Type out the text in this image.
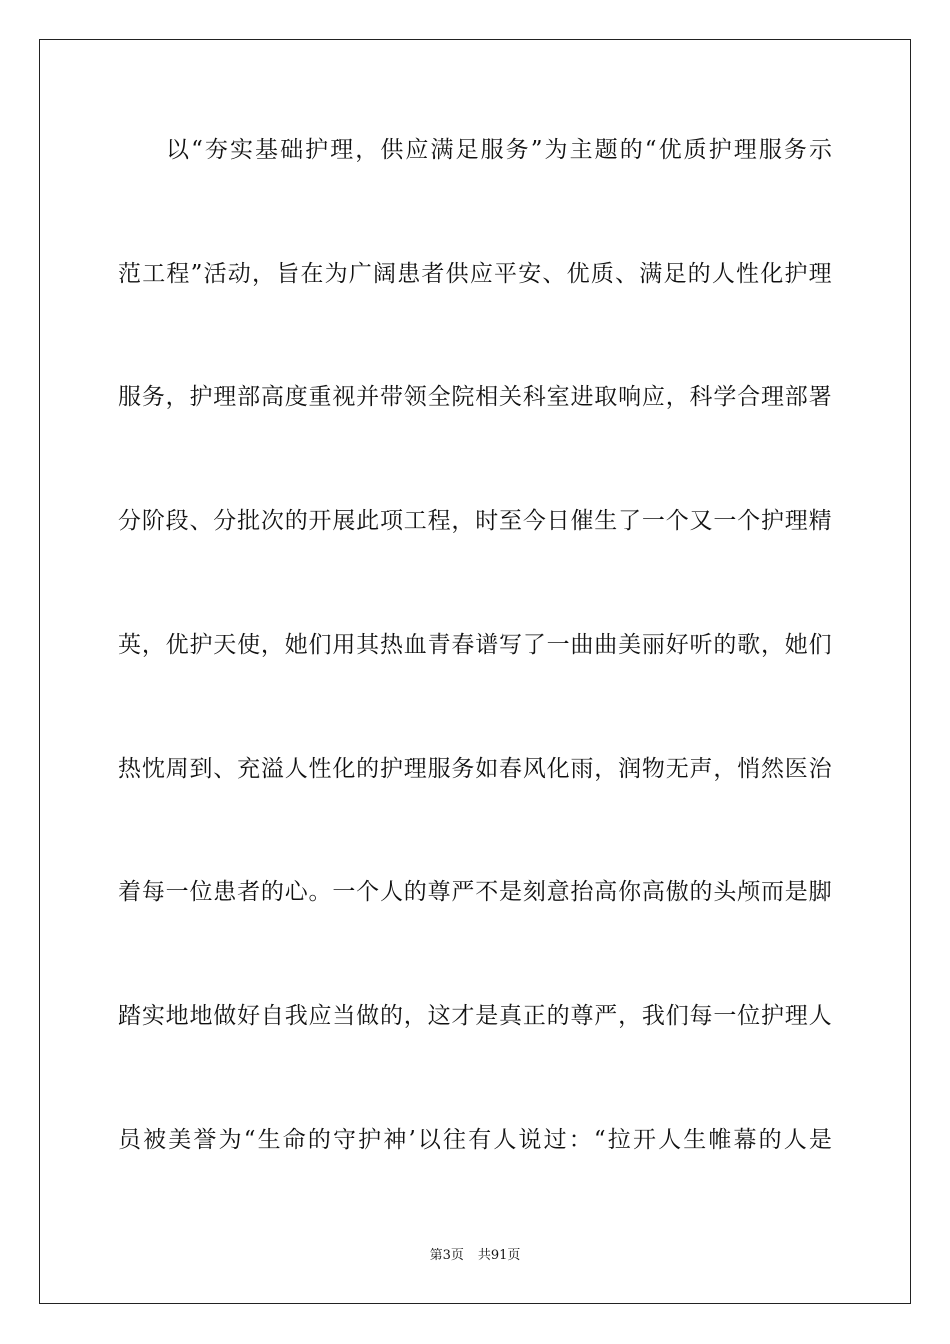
以 “ 夯 实 基 础 护 理 ， 供 应 满 足 服 务 ” 为 主 题 的 “ 优 质 护 理 服 务 示
范 工 程 ” 活 动 ， 旨 在 为 广 阔 患 者 供 应 平 安 、 优 质 、 满 足 的 人 性 化 护 理
服 务 ， 护 理 部 高 度 重 视 并 带 领 全 院 相 关 科 室 进 取 响 应 ， 科 学 合 理 部 署
分 阶 段 、 分 批 次 的 开 展 此 项 工 程 ， 时 至 今 日 催 生 了 一 个 又 一 个 护 理 精
英 ， 优 护 天 使 ， 她 们 用 其 热 血 青 春 谱 写 了 一 曲 曲 美 丽 好 听 的 歌 ， 她 们
热 忱 周 到 、 充 溢 人 性 化 的 护 理 服 务 如 春 风 化 雨 ， 润 物 无 声 ， 悄 然 医 治
着 每 一 位 患 者 的 心 。 一 个 人 的 尊 严 不 是 刻 意 抬 高 你 高 傲 的 头 颅 而 是 脚
踏 实 地 地 做 好 自 我 应 当 做 的 ， 这 才 是 真 正 的 尊 严 ， 我 们 每 一 位 护 理 人
员 被 美 誉 为 “ 生 命 的 守 护 神 ’ 以 往 有 人 说 过 ： “ 拉 开 人 生 帷 幕 的 人 是
第3页 共91页
